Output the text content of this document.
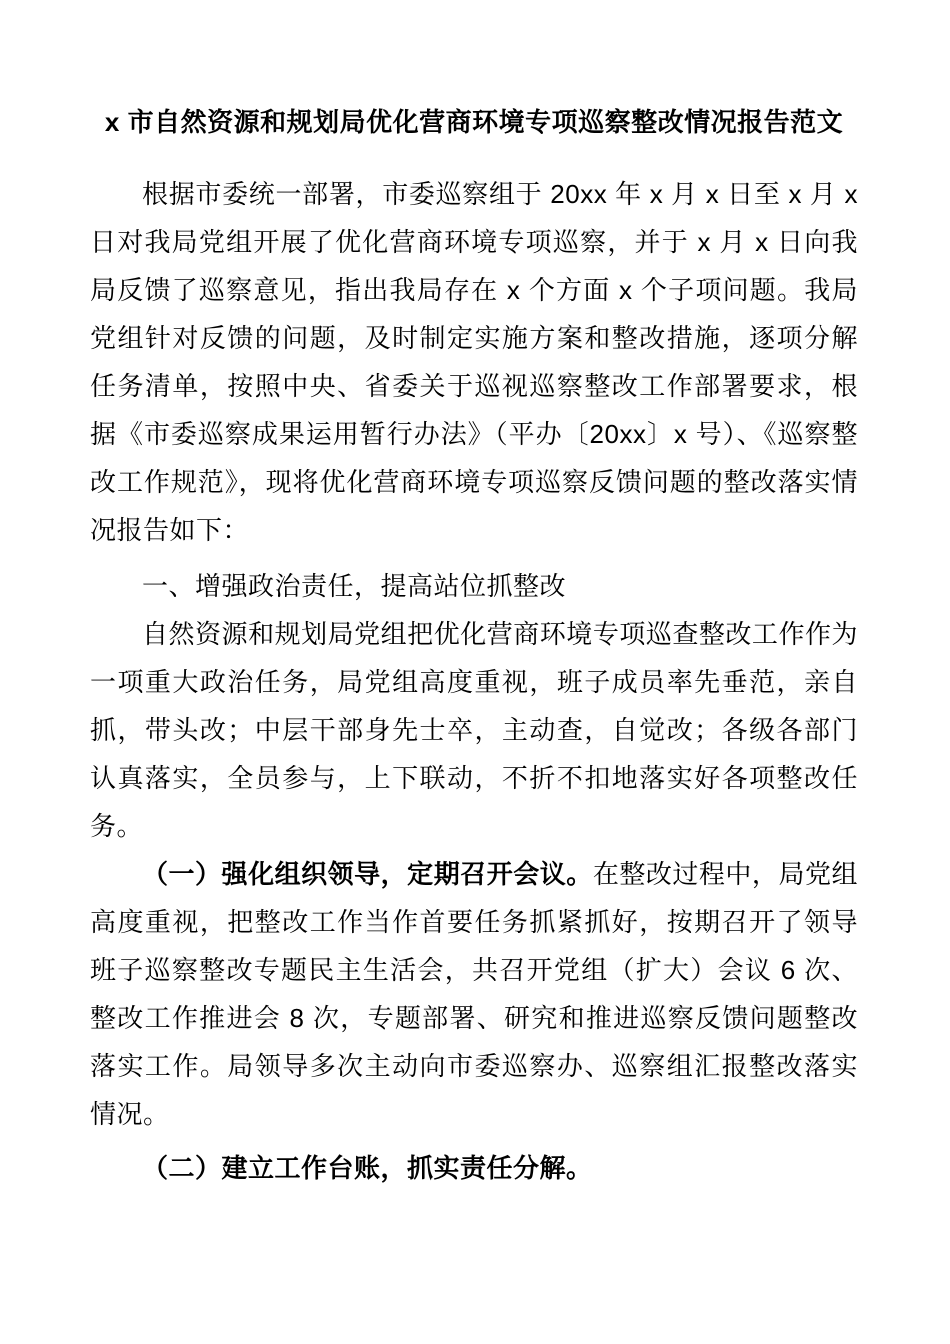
x 市自然资源和规划局优化营商环境专项巡察整改情况报告范文

根据市委统一部署，市委巡察组于 20xx 年 x 月 x 日至 x 月 x 日对我局党组开展了优化营商环境专项巡察，并于 x 月 x 日向我局反馈了巡察意见，指出我局存在 x 个方面 x 个子项问题。我局党组针对反馈的问题，及时制定实施方案和整改措施，逐项分解任务清单，按照中央、省委关于巡视巡察整改工作部署要求，根据《市委巡察成果运用暂行办法》（平办〔20xx〕x 号）、《巡察整改工作规范》，现将优化营商环境专项巡察反馈问题的整改落实情况报告如下：

一、增强政治责任，提高站位抓整改

自然资源和规划局党组把优化营商环境专项巡查整改工作作为一项重大政治任务，局党组高度重视，班子成员率先垂范，亲自抓，带头改；中层干部身先士卒，主动查，自觉改；各级各部门认真落实，全员参与，上下联动，不折不扣地落实好各项整改任务。

（一）强化组织领导，定期召开会议。在整改过程中，局党组高度重视，把整改工作当作首要任务抓紧抓好，按期召开了领导班子巡察整改专题民主生活会，共召开党组（扩大）会议 6 次、整改工作推进会 8 次，专题部署、研究和推进巡察反馈问题整改落实工作。局领导多次主动向市委巡察办、巡察组汇报整改落实情况。

（二）建立工作台账，抓实责任分解。
